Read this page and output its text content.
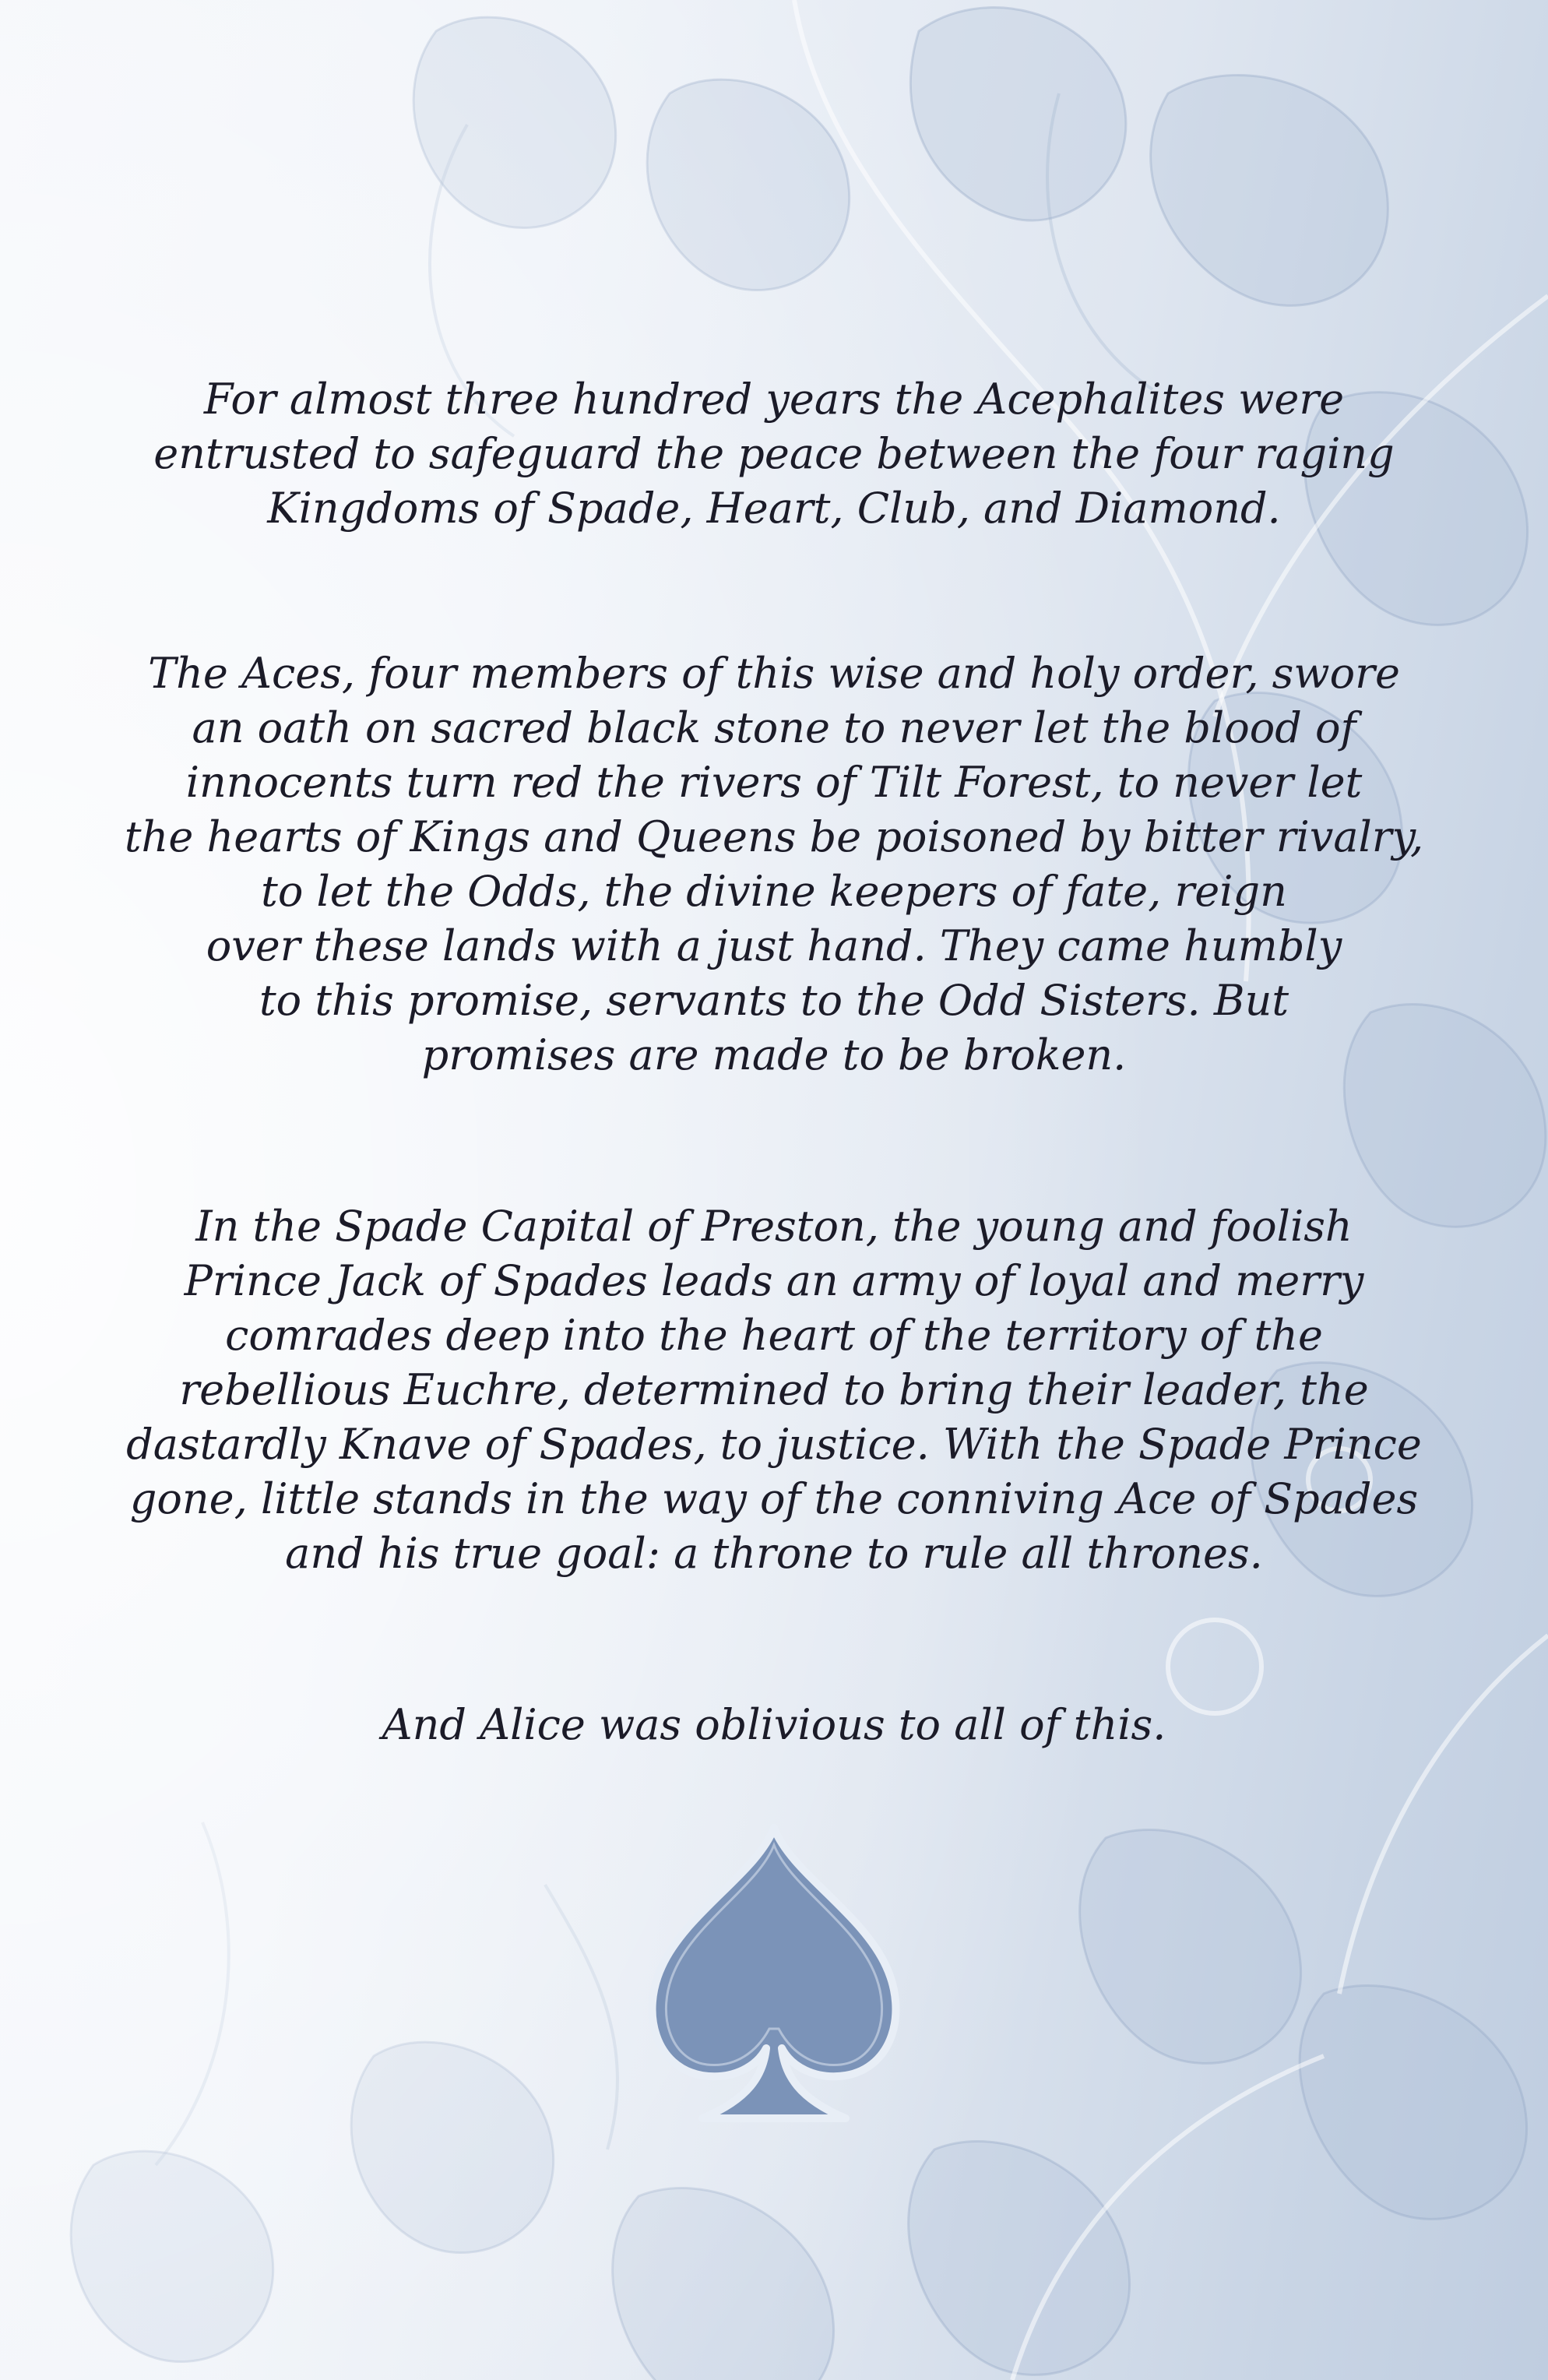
For almost three hundred years the Acephalites were
entrusted to safeguard the peace between the four raging
Kingdoms of Spade, Heart, Club, and Diamond.

The Aces, four members of this wise and holy order, swore
an oath on sacred black stone to never let the blood of
innocents turn red the rivers of Tilt Forest, to never let
the hearts of Kings and Queens be poisoned by bitter rivalry,
to let the Odds, the divine keepers of fate, reign
over these lands with a just hand. They came humbly
to this promise, servants to the Odd Sisters. But
promises are made to be broken.

In the Spade Capital of Preston, the young and foolish
Prince Jack of Spades leads an army of loyal and merry
comrades deep into the heart of the territory of the
rebellious Euchre, determined to bring their leader, the
dastardly Knave of Spades, to justice. With the Spade Prince
gone, little stands in the way of the conniving Ace of Spades
and his true goal: a throne to rule all thrones.

And Alice was oblivious to all of this.
